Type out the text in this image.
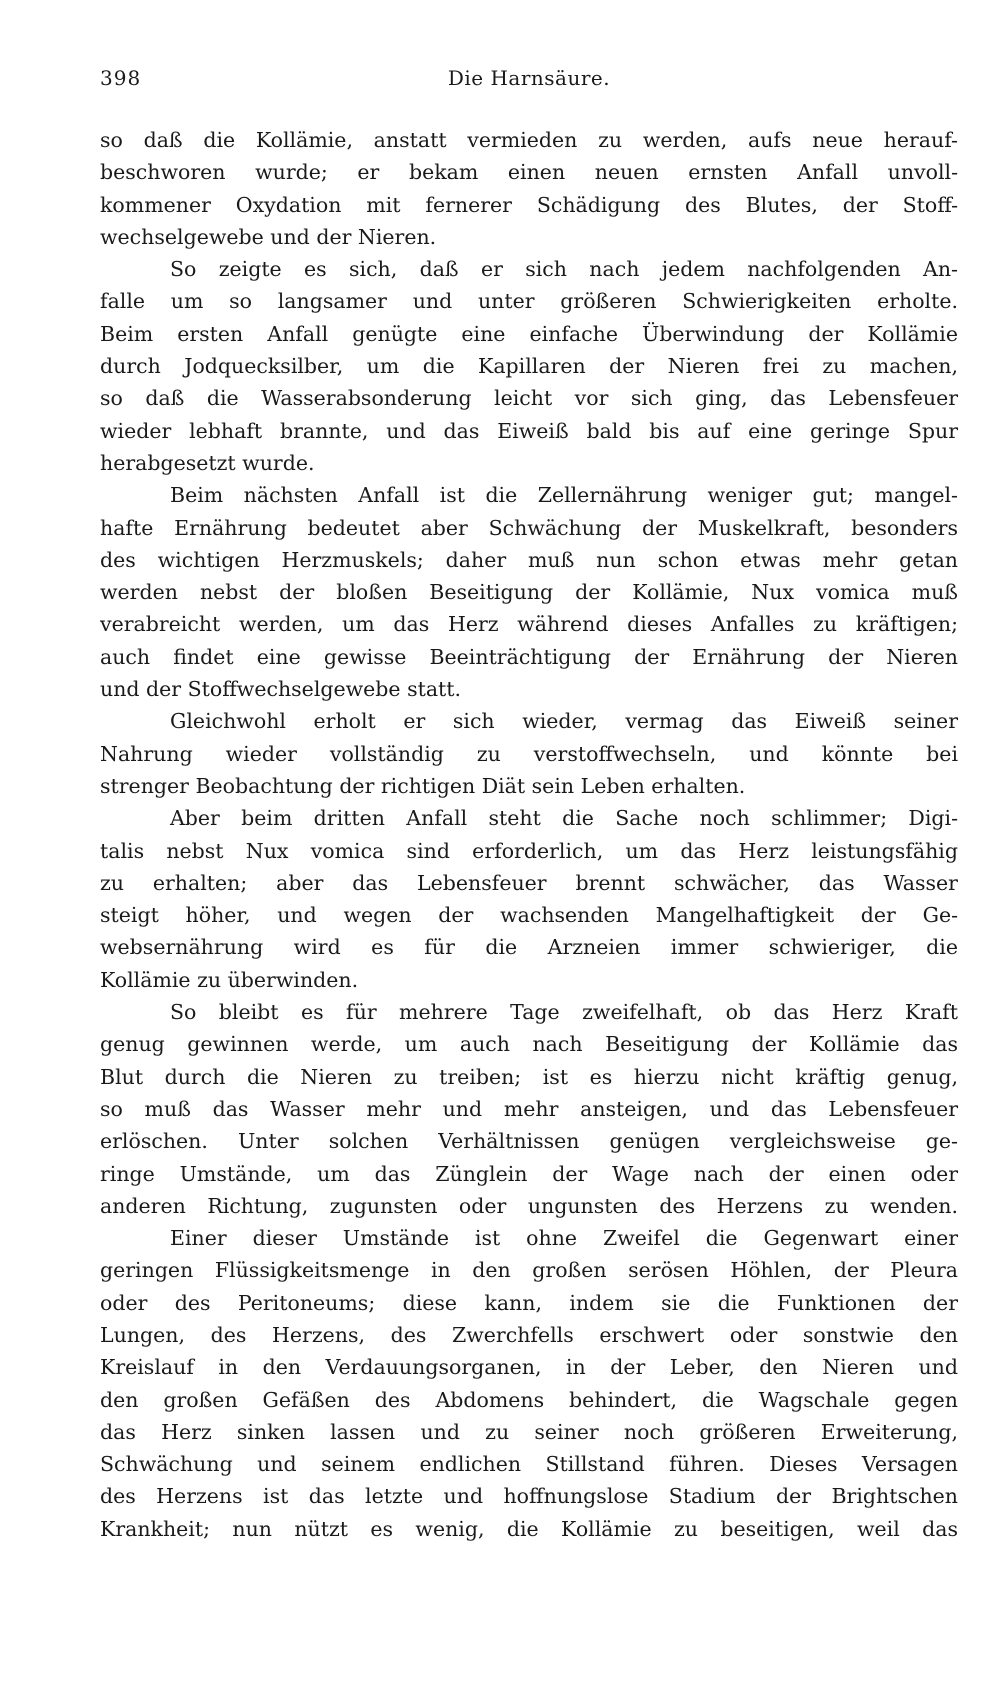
398	Die Harnsäure.
so daß die Kollämie, anstatt vermieden zu werden, aufs neue herauf-
beschworen wurde; er bekam einen neuen ernsten Anfall unvoll-
kommener Oxydation mit fernerer Schädigung des Blutes, der Stoff-
wechselgewebe und der Nieren.
So zeigte es sich, daß er sich nach jedem nachfolgenden An-
falle um so langsamer und unter größeren Schwierigkeiten erholte.
Beim ersten Anfall genügte eine einfache Überwindung der Kollämie
durch Jodquecksilber, um die Kapillaren der Nieren frei zu machen,
so daß die Wasserabsonderung leicht vor sich ging, das Lebensfeuer
wieder lebhaft brannte, und das Eiweiß bald bis auf eine geringe Spur
herabgesetzt wurde.
Beim nächsten Anfall ist die Zellernährung weniger gut; mangel-
hafte Ernährung bedeutet aber Schwächung der Muskelkraft, besonders
des wichtigen Herzmuskels; daher muß nun schon etwas mehr getan
werden nebst der bloßen Beseitigung der Kollämie, Nux vomica muß
verabreicht werden, um das Herz während dieses Anfalles zu kräftigen;
auch findet eine gewisse Beeinträchtigung der Ernährung der Nieren
und der Stoffwechselgewebe statt.
Gleichwohl erholt er sich wieder, vermag das Eiweiß seiner
Nahrung wieder vollständig zu verstoffwechseln, und könnte bei
strenger Beobachtung der richtigen Diät sein Leben erhalten.
Aber beim dritten Anfall steht die Sache noch schlimmer; Digi-
talis nebst Nux vomica sind erforderlich, um das Herz leistungsfähig
zu erhalten; aber das Lebensfeuer brennt schwächer, das Wasser
steigt höher, und wegen der wachsenden Mangelhaftigkeit der Ge-
websernährung wird es für die Arzneien immer schwieriger, die
Kollämie zu überwinden.
So bleibt es für mehrere Tage zweifelhaft, ob das Herz Kraft
genug gewinnen werde, um auch nach Beseitigung der Kollämie das
Blut durch die Nieren zu treiben; ist es hierzu nicht kräftig genug,
so muß das Wasser mehr und mehr ansteigen, und das Lebensfeuer
erlöschen. Unter solchen Verhältnissen genügen vergleichsweise ge-
ringe Umstände, um das Zünglein der Wage nach der einen oder
anderen Richtung, zugunsten oder ungunsten des Herzens zu wenden.
Einer dieser Umstände ist ohne Zweifel die Gegenwart einer
geringen Flüssigkeitsmenge in den großen serösen Höhlen, der Pleura
oder des Peritoneums; diese kann, indem sie die Funktionen der
Lungen, des Herzens, des Zwerchfells erschwert oder sonstwie den
Kreislauf in den Verdauungsorganen, in der Leber, den Nieren und
den großen Gefäßen des Abdomens behindert, die Wagschale gegen
das Herz sinken lassen und zu seiner noch größeren Erweiterung,
Schwächung und seinem endlichen Stillstand führen. Dieses Versagen
des Herzens ist das letzte und hoffnungslose Stadium der Brightschen
Krankheit; nun nützt es wenig, die Kollämie zu beseitigen, weil das
